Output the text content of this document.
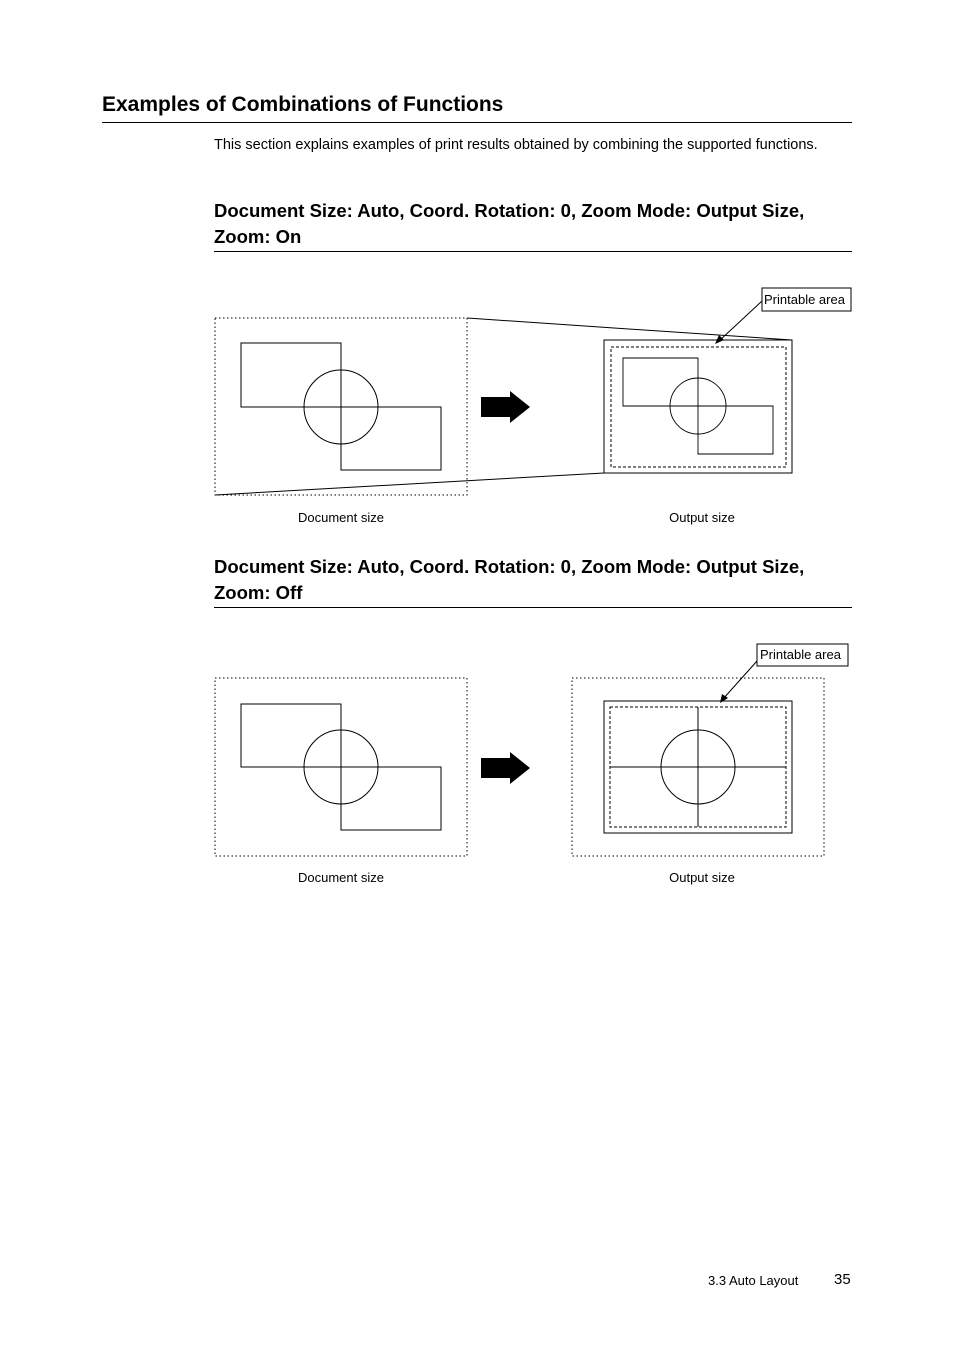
Examples of Combinations of Functions

This section explains examples of print results obtained by combining the supported functions.

Document Size: Auto, Coord. Rotation: 0, Zoom Mode: Output Size, Zoom: On
Printable area
Document size	Output size
Document Size: Auto, Coord. Rotation: 0, Zoom Mode: Output Size, Zoom: Off
Printable area
Document size	Output size
3.3 Auto Layout 35
